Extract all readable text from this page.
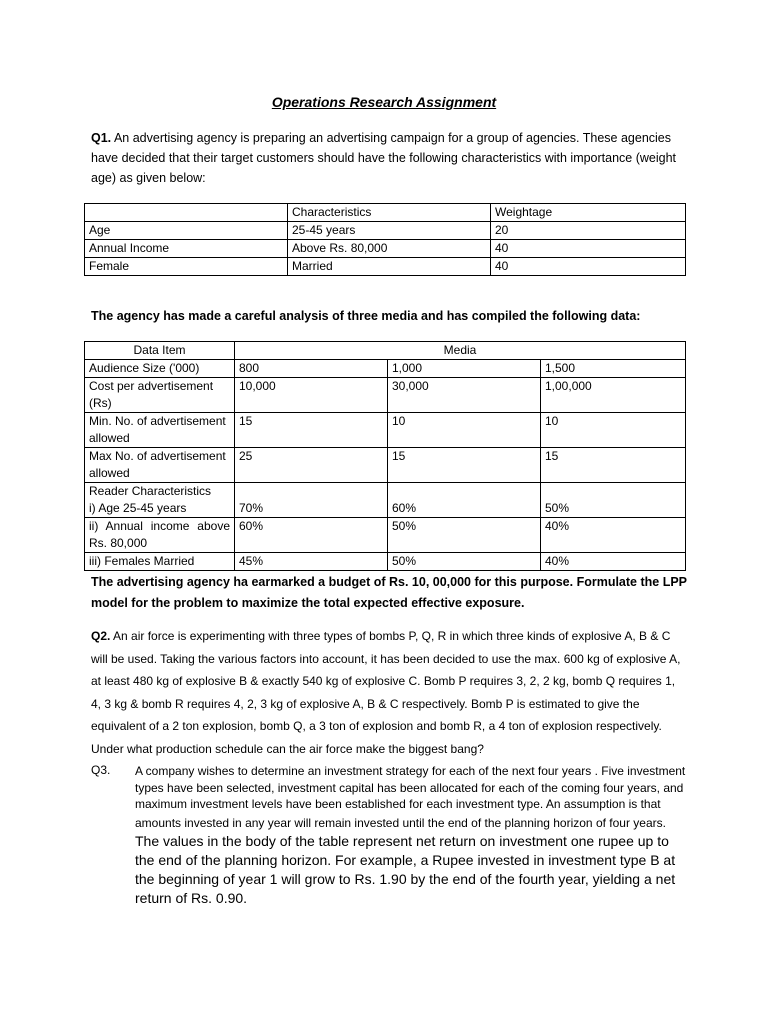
Operations Research Assignment
Q1. An advertising agency is preparing an advertising campaign for a group of agencies. These agencies have decided that their target customers should have the following characteristics with importance (weight age) as given below:
	Characteristics	Weightage
Age	25-45 years	20
Annual Income	Above Rs. 80,000	40
Female	Married	40
The agency has made a careful analysis of three media and has compiled the following data:
Data Item	Media		
Audience Size ('000)	800	1,000	1,500
Cost per advertisement (Rs)	10,000	30,000	1,00,000
Min. No. of advertisement allowed	15	10	10
Max No. of advertisement allowed	25	15	15
Reader Characteristics			
i) Age 25-45 years	70%	60%	50%
ii) Annual income above Rs. 80,000	60%	50%	40%
iii) Females Married	45%	50%	40%
The advertising agency ha earmarked a budget of Rs. 10, 00,000 for this purpose. Formulate the LPP model for the problem to maximize the total expected effective exposure.
Q2. An air force is experimenting with three types of bombs P, Q, R in which three kinds of explosive A, B & C will be used. Taking the various factors into account, it has been decided to use the max. 600 kg of explosive A, at least 480 kg of explosive B & exactly 540 kg of explosive C. Bomb P requires 3, 2, 2 kg, bomb Q requires 1, 4, 3 kg & bomb R requires 4, 2, 3 kg of explosive A, B & C respectively. Bomb P is estimated to give the equivalent of a 2 ton explosion, bomb Q, a 3 ton of explosion and bomb R, a 4 ton of explosion respectively. Under what production schedule can the air force make the biggest bang?
Q3. A company wishes to determine an investment strategy for each of the next four years . Five investment types have been selected, investment capital has been allocated for each of the coming four years, and maximum investment levels have been established for each investment type. An assumption is that amounts invested in any year will remain invested until the end of the planning horizon of four years. The values in the body of the table represent net return on investment one rupee up to the end of the planning horizon. For example, a Rupee invested in investment type B at the beginning of year 1 will grow to Rs. 1.90 by the end of the fourth year, yielding a net return of Rs. 0.90.
